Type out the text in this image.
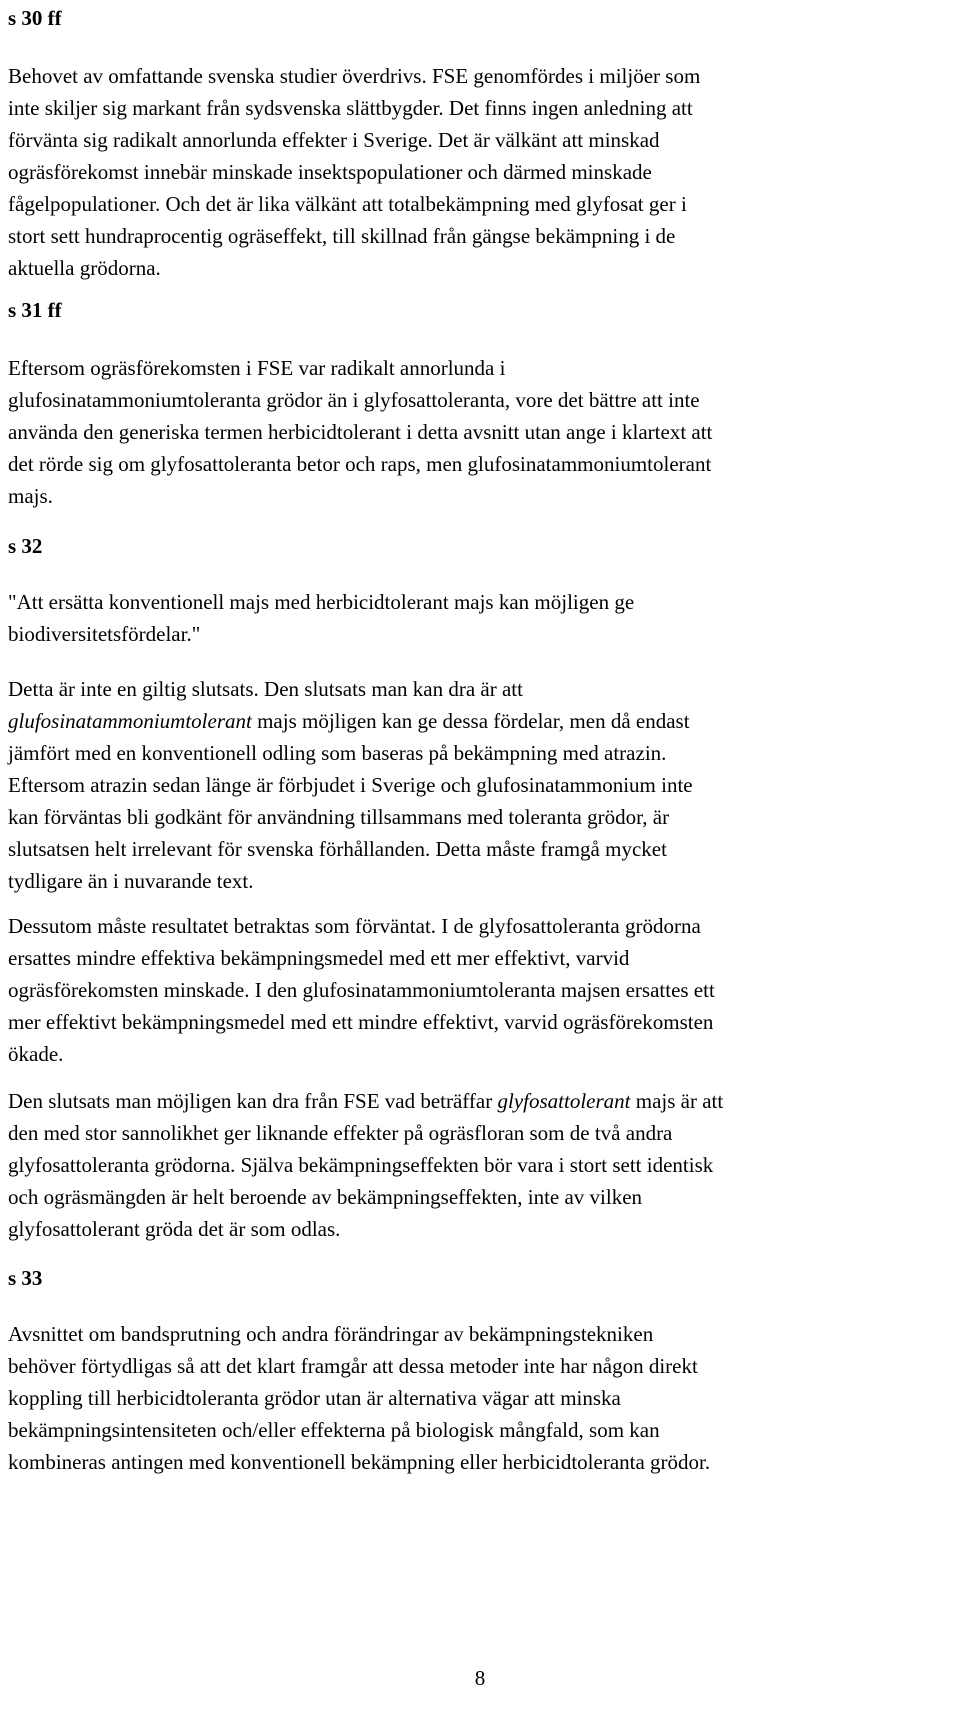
s 30 ff

Behovet av omfattande svenska studier överdrivs. FSE genomfördes i miljöer som
inte skiljer sig markant från sydsvenska slättbygder. Det finns ingen anledning att
förvänta sig radikalt annorlunda effekter i Sverige. Det är välkänt att minskad
ogräsförekomst innebär minskade insektspopulationer och därmed minskade
fågelpopulationer. Och det är lika välkänt att totalbekämpning med glyfosat ger i
stort sett hundraprocentig ogräseffekt, till skillnad från gängse bekämpning i de
aktuella grödorna.

s 31 ff

Eftersom ogräsförekomsten i FSE var radikalt annorlunda i
glufosinatammoniumtoleranta grödor än i glyfosattoleranta, vore det bättre att inte
använda den generiska termen herbicidtolerant i detta avsnitt utan ange i klartext att
det rörde sig om glyfosattoleranta betor och raps, men glufosinatammoniumtolerant
majs.

s 32

"Att ersätta konventionell majs med herbicidtolerant majs kan möjligen ge
biodiversitetsfördelar."

Detta är inte en giltig slutsats. Den slutsats man kan dra är att
glufosinatammoniumtolerant majs möjligen kan ge dessa fördelar, men då endast
jämfört med en konventionell odling som baseras på bekämpning med atrazin.
Eftersom atrazin sedan länge är förbjudet i Sverige och glufosinatammonium inte
kan förväntas bli godkänt för användning tillsammans med toleranta grödor, är
slutsatsen helt irrelevant för svenska förhållanden. Detta måste framgå mycket
tydligare än i nuvarande text.

Dessutom måste resultatet betraktas som förväntat. I de glyfosattoleranta grödorna
ersattes mindre effektiva bekämpningsmedel med ett mer effektivt, varvid
ogräsförekomsten minskade. I den glufosinatammoniumtoleranta majsen ersattes ett
mer effektivt bekämpningsmedel med ett mindre effektivt, varvid ogräsförekomsten
ökade.

Den slutsats man möjligen kan dra från FSE vad beträffar glyfosattolerant majs är att
den med stor sannolikhet ger liknande effekter på ogräsfloran som de två andra
glyfosattoleranta grödorna. Själva bekämpningseffekten bör vara i stort sett identisk
och ogräsmängden är helt beroende av bekämpningseffekten, inte av vilken
glyfosattolerant gröda det är som odlas.

s 33

Avsnittet om bandsprutning och andra förändringar av bekämpningstekniken
behöver förtydligas så att det klart framgår att dessa metoder inte har någon direkt
koppling till herbicidtoleranta grödor utan är alternativa vägar att minska
bekämpningsintensiteten och/eller effekterna på biologisk mångfald, som kan
kombineras antingen med konventionell bekämpning eller herbicidtoleranta grödor.

8
